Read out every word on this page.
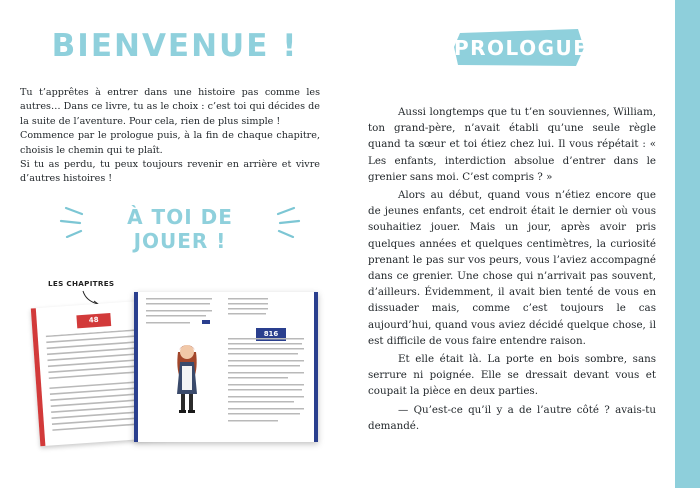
BIENVENUE !

Tu t’apprêtes à entrer dans une histoire pas comme les autres… Dans ce livre, tu as le choix : c’est toi qui décides de la suite de l’aventure. Pour cela, rien de plus simple !

Commence par le prologue puis, à la fin de chaque chapitre, choisis le chemin qui te plaît.

Si tu as perdu, tu peux toujours revenir en arrière et vivre d’autres histoires !

À TOI DE JOUER !
LES CHAPITRES
48
816
PROLOGUE

Aussi longtemps que tu t’en souviennes, William, ton grand-père, n’avait établi qu’une seule règle quand ta sœur et toi étiez chez lui. Il vous répétait : « Les enfants, interdiction absolue d’entrer dans le grenier sans moi. C’est compris ? »

Alors au début, quand vous n’étiez encore que de jeunes enfants, cet endroit était le dernier où vous souhaitiez jouer. Mais un jour, après avoir pris quelques années et quelques centimètres, la curiosité prenant le pas sur vos peurs, vous l’aviez accompagné dans ce grenier. Une chose qui n’arrivait pas souvent, d’ailleurs. Évidemment, il avait bien tenté de vous en dissuader mais, comme c’est toujours le cas aujourd’hui, quand vous aviez décidé quelque chose, il est difficile de vous faire entendre raison.

Et elle était là. La porte en bois sombre, sans serrure ni poignée. Elle se dressait devant vous et coupait la pièce en deux parties.

— Qu’est-ce qu’il y a de l’autre côté ? avais-tu demandé.
